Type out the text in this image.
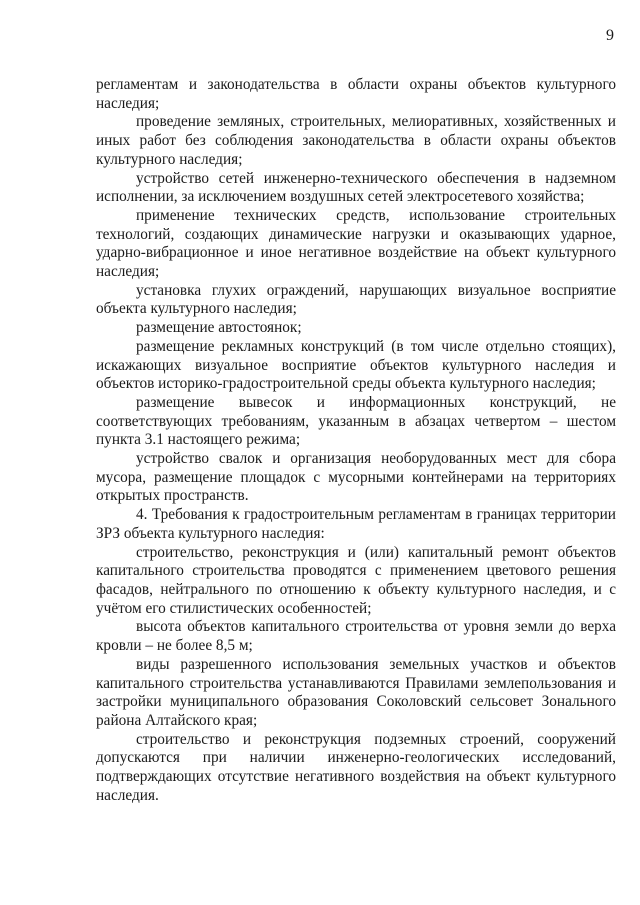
9

регламентам и законодательства в области охраны объектов культурного наследия;

проведение земляных, строительных, мелиоративных, хозяйственных и иных работ без соблюдения законодательства в области охраны объектов культурного наследия;

устройство сетей инженерно-технического обеспечения в надземном исполнении, за исключением воздушных сетей электросетевого хозяйства;

применение технических средств, использование строительных технологий, создающих динамические нагрузки и оказывающих ударное, ударно-вибрационное и иное негативное воздействие на объект культурного наследия;

установка глухих ограждений, нарушающих визуальное восприятие объекта культурного наследия;

размещение автостоянок;

размещение рекламных конструкций (в том числе отдельно стоящих), искажающих визуальное восприятие объектов культурного наследия и объектов историко-градостроительной среды объекта культурного наследия;

размещение вывесок и информационных конструкций, не соответствующих требованиям, указанным в абзацах четвертом – шестом пункта 3.1 настоящего режима;

устройство свалок и организация необорудованных мест для сбора мусора, размещение площадок с мусорными контейнерами на территориях открытых пространств.

4. Требования к градостроительным регламентам в границах территории ЗРЗ объекта культурного наследия:

строительство, реконструкция и (или) капитальный ремонт объектов капитального строительства проводятся с применением цветового решения фасадов, нейтрального по отношению к объекту культурного наследия, и с учётом его стилистических особенностей;

высота объектов капитального строительства от уровня земли до верха кровли – не более 8,5 м;

виды разрешенного использования земельных участков и объектов капитального строительства устанавливаются Правилами землепользования и застройки муниципального образования Соколовский сельсовет Зонального района Алтайского края;

строительство и реконструкция подземных строений, сооружений допускаются при наличии инженерно-геологических исследований, подтверждающих отсутствие негативного воздействия на объект культурного наследия.
